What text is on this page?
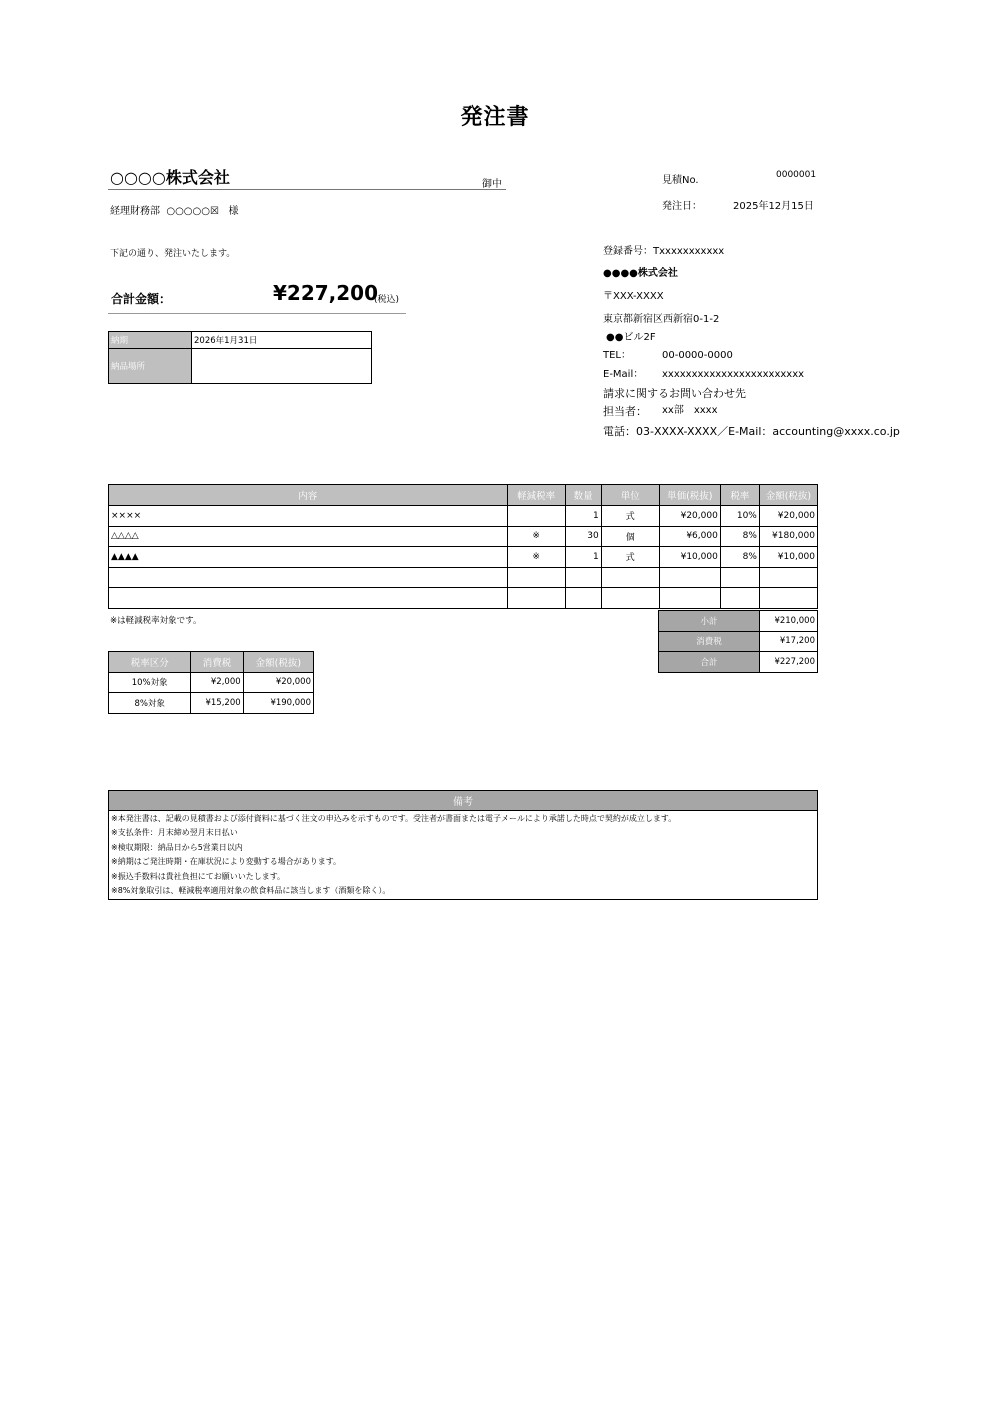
発注書
○○○○株式会社	御中
経理財務部 ○○○○○☒ 様
見積No.	0000001
発注日：	2025年12月15日
下記の通り、発注いたします。
合計金額：	¥227,200
(税込)
納期	2026年1月31日
納品場所	
登録番号：Txxxxxxxxxxx
●●●●株式会社
〒XXX-XXXX
東京都新宿区西新宿0-1-2
●●ビル2F
TEL：	00-0000-0000
E-Mail： xxxxxxxxxxxxxxxxxxxxxxxx
請求に関するお問い合わせ先
担当者： xx部　xxxx
電話：03-XXXX-XXXX／E-Mail：accounting@xxxx.co.jp
内容	軽減税率	数量	単位	単価(税抜)	税率	金額(税抜)
××××		1	式	¥20,000	10%	¥20,000
△△△△	※	30	個	¥6,000	8%	¥180,000
▲▲▲▲	※	1	式	¥10,000	8%	¥10,000

※は軽減税率対象です。	小計	¥210,000
消費税	¥17,200
合計	¥227,200
税率区分	消費税	金額(税抜)
10%対象	¥2,000	¥20,000
8%対象	¥15,200	¥190,000
備考

※本発注書は、記載の見積書および添付資料に基づく注文の申込みを示すものです。受注者が書面または電子メールにより承諾した時点で契約が成立します。
※支払条件：月末締め翌月末日払い
※検収期限：納品日から5営業日以内
※納期はご発注時期・在庫状況により変動する場合があります。
※振込手数料は貴社負担にてお願いいたします。
※8%対象取引は、軽減税率適用対象の飲食料品に該当します（酒類を除く）。
